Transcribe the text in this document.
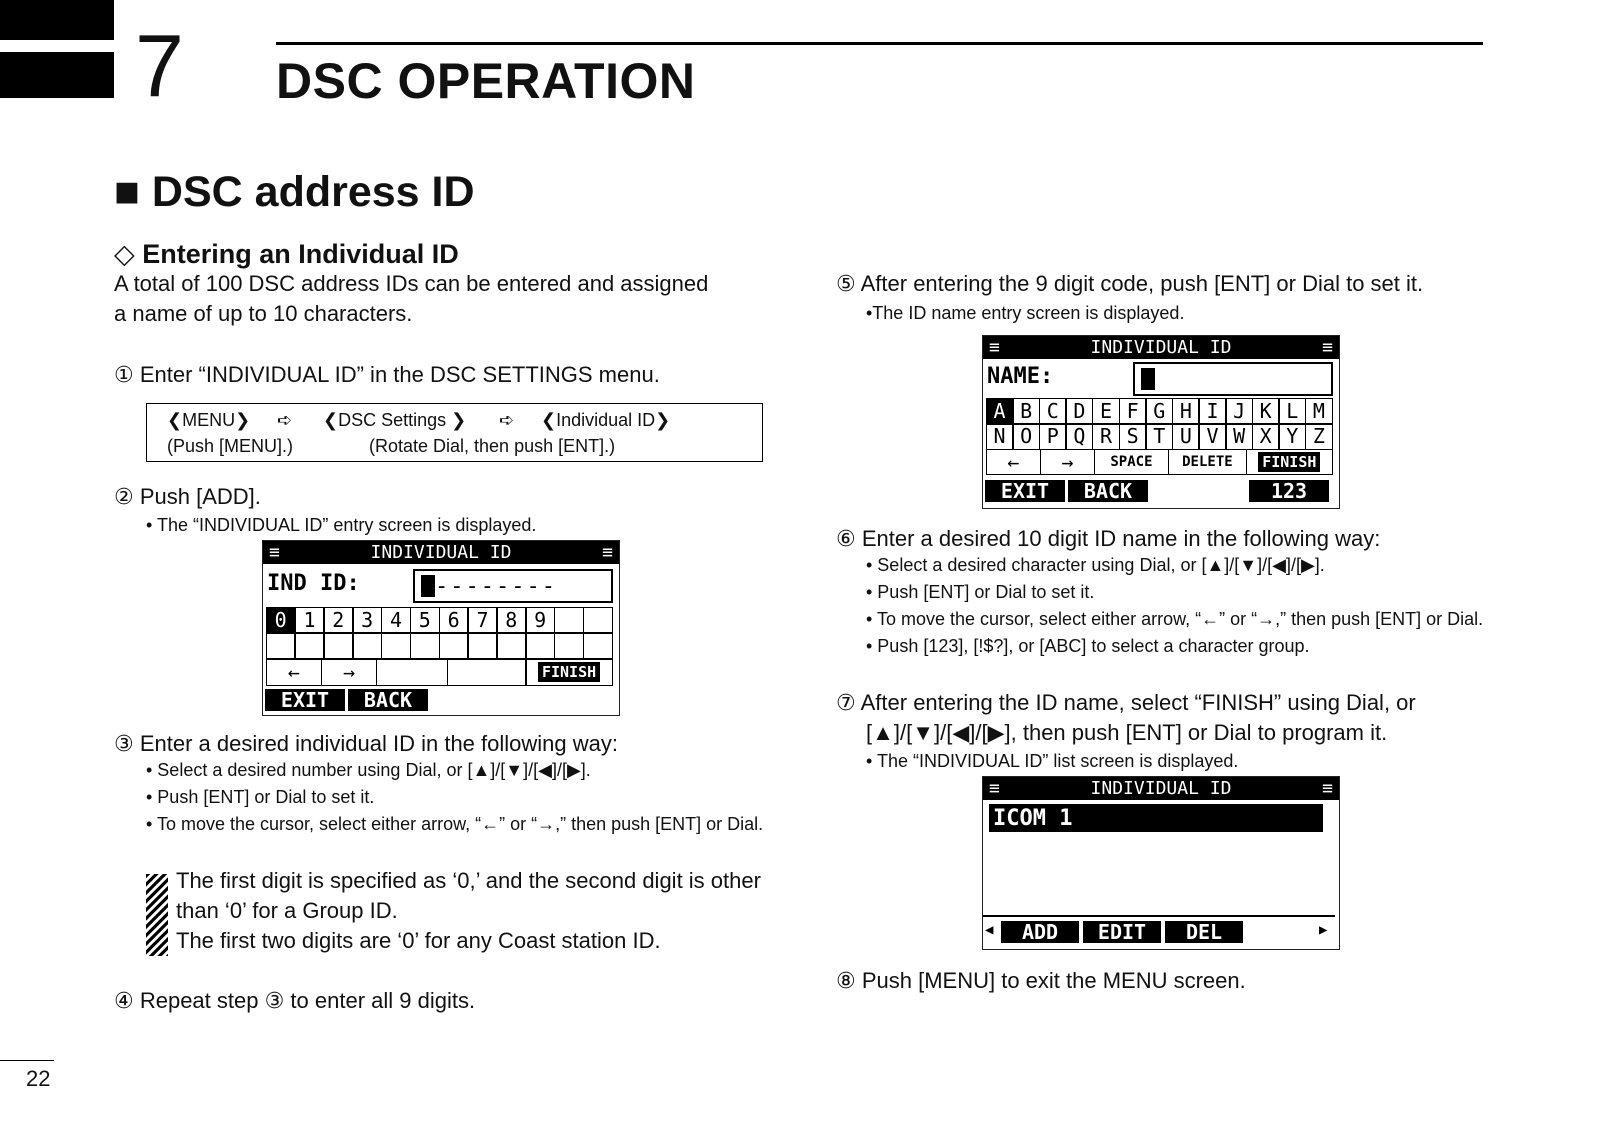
7 DSC OPERATION
■ DSC address ID
◇ Entering an Individual ID
A total of 100 DSC address IDs can be entered and assigned
a name of up to 10 characters.
① Enter “INDIVIDUAL ID” in the DSC SETTINGS menu.
❮MENU❯ ➪ ❮DSC Settings ❯ ➪ ❮Individual ID❯
(Push [MENU].)	(Rotate Dial, then push [ENT].)
② Push [ADD].
• The “INDIVIDUAL ID” entry screen is displayed.
≡	INDIVIDUAL ID	≡
IND ID:	--------
0 1 2 3 4 5 6 7 8 9
←	→	FINISH
EXIT	BACK
③ Enter a desired individual ID in the following way:
• Select a desired number using Dial, or [▲]/[▼]/[◀]/[▶].
• Push [ENT] or Dial to set it.
• To move the cursor, select either arrow, “←” or “→,” then push [ENT] or Dial.
The first digit is specified as ‘0,’ and the second digit is other than ‘0’ for a Group ID.
The first two digits are ‘0’ for any Coast station ID.
④ Repeat step ③ to enter all 9 digits.
⑤ After entering the 9 digit code, push [ENT] or Dial to set it.
•The ID name entry screen is displayed.
≡	INDIVIDUAL ID	≡
NAME:
A B C D E F G H I J K L M
N O P Q R S T U V W X Y Z
←	→	SPACE	DELETE	FINISH
EXIT	BACK	123
⑥ Enter a desired 10 digit ID name in the following way:
• Select a desired character using Dial, or [▲]/[▼]/[◀]/[▶].
• Push [ENT] or Dial to set it.
• To move the cursor, select either arrow, “←” or “→,” then push [ENT] or Dial.
• Push [123], [!$?], or [ABC] to select a character group.
⑦ After entering the ID name, select “FINISH” using Dial, or
[▲]/[▼]/[◀]/[▶], then push [ENT] or Dial to program it.
• The “INDIVIDUAL ID” list screen is displayed.
≡	INDIVIDUAL ID	≡
ICOM 1
◀	ADD	EDIT	DEL	▶
⑧ Push [MENU] to exit the MENU screen.
22
